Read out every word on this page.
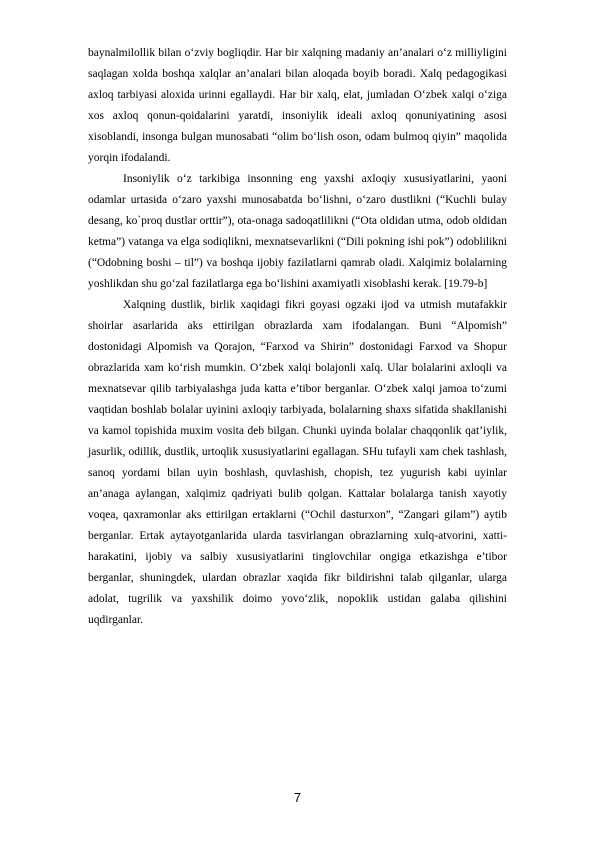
baynalmilollik bilan o‘zviy bogliqdir. Har bir xalqning madaniy an’analari o‘z milliyligini saqlagan xolda boshqa xalqlar an’analari bilan aloqada boyib boradi. Xalq pedagogikasi axloq tarbiyasi aloxida urinni egallaydi. Har bir xalq, elat, jumladan O‘zbek xalqi o‘ziga xos axloq qonun-qoidalarini yaratdi, insoniylik ideali axloq qonuniyatining asosi xisoblandi, insonga bulgan munosabati “olim bo‘lish oson, odam bulmoq qiyin” maqolida yorqin ifodalandi.

Insoniylik o‘z tarkibiga insonning eng yaxshi axloqiy xususiyatlarini, yaoni odamlar urtasida o‘zaro yaxshi munosabatda bo‘lishni, o‘zaro dustlikni (“Kuchli bulay desang, ko`proq dustlar orttir”), ota-onaga sadoqatlilikni (“Ota oldidan utma, odob oldidan ketma”) vatanga va elga sodiqlikni, mexnatsevarlikni (“Dili pokning ishi pok”) odoblilikni (“Odobning boshi – til”) va boshqa ijobiy fazilatlarni qamrab oladi. Xalqimiz bolalarning yoshlikdan shu go‘zal fazilatlarga ega bo‘lishini axamiyatli xisoblashi kerak. [19.79-b]

Xalqning dustlik, birlik xaqidagi fikri goyasi ogzaki ijod va utmish mutafakkir shoirlar asarlarida aks ettirilgan obrazlarda xam ifodalangan. Buni “Alpomish” dostonidagi Alpomish va Qorajon, “Farxod va Shirin” dostonidagi Farxod va Shopur obrazlarida xam ko‘rish mumkin. O‘zbek xalqi bolajonli xalq. Ular bolalarini axloqli va mexnatsevar qilib tarbiyalashga juda katta e’tibor berganlar. O‘zbek xalqi jamoa to‘zumi vaqtidan boshlab bolalar uyinini axloqiy tarbiyada, bolalarning shaxs sifatida shakllanishi va kamol topishida muxim vosita deb bilgan. Chunki uyinda bolalar chaqqonlik qat’iylik, jasurlik, odillik, dustlik, urtoqlik xususiyatlarini egallagan. SHu tufayli xam chek tashlash, sanoq yordami bilan uyin boshlash, quvlashish, chopish, tez yugurish kabi uyinlar an’anaga aylangan, xalqimiz qadriyati bulib qolgan. Kattalar bolalarga tanish xayotiy voqea, qaxramonlar aks ettirilgan ertaklarni (“Ochil dasturxon”, “Zangari gilam”) aytib berganlar. Ertak aytayotganlarida ularda tasvirlangan obrazlarning xulq-atvorini, xatti-harakatini, ijobiy va salbiy xususiyatlarini tinglovchilar ongiga etkazishga e’tibor berganlar, shuningdek, ulardan obrazlar xaqida fikr bildirishni talab qilganlar, ularga adolat, tugrilik va yaxshilik doimo yovo‘zlik, nopoklik ustidan galaba qilishini uqdirganlar.

7
